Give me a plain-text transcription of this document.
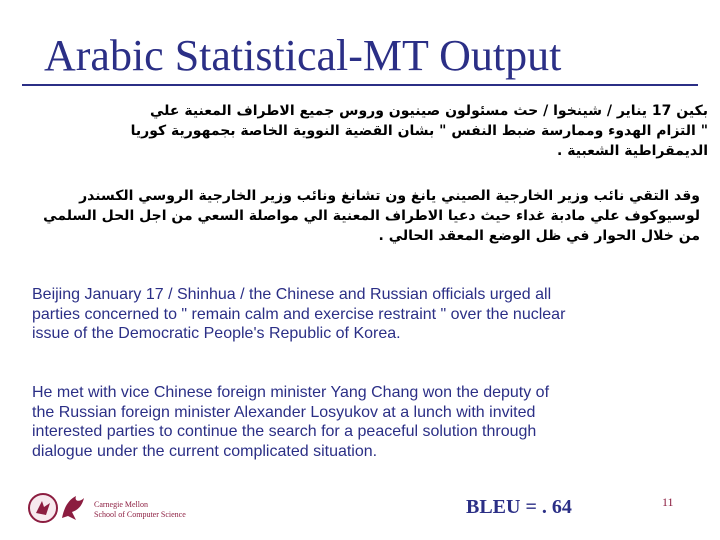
Arabic Statistical-MT Output
بكين 17 يناير / شينخوا / حث مسئولون صينيون وروس جميع الاطراف المعنية علي
" التزام الهدوء وممارسة ضبط النفس " بشان القضية النووية الخاصة بجمهورية كوريا
الديمقراطية الشعبية .
وقد التقي نائب وزير الخارجية الصيني يانغ ون تشانغ ونائب وزير الخارجية الروسي الكسندر
لوسيوكوف علي مادبة غداء حيث دعيا الاطراف المعنية الي مواصلة السعي من اجل الحل السلمي
من خلال الحوار في ظل الوضع المعقد الحالي .
Beijing January 17 / Shinhua / the Chinese and Russian officials urged all
parties concerned to " remain calm and exercise restraint " over the nuclear
issue of the Democratic People's Republic of Korea.
He met with vice Chinese foreign minister Yang Chang won the deputy of
the Russian foreign minister Alexander Losyukov at a lunch with invited
interested parties to continue the search for a peaceful solution through
dialogue under the current complicated situation.
Carnegie Mellon
School of Computer Science	BLEU = . 64	11
